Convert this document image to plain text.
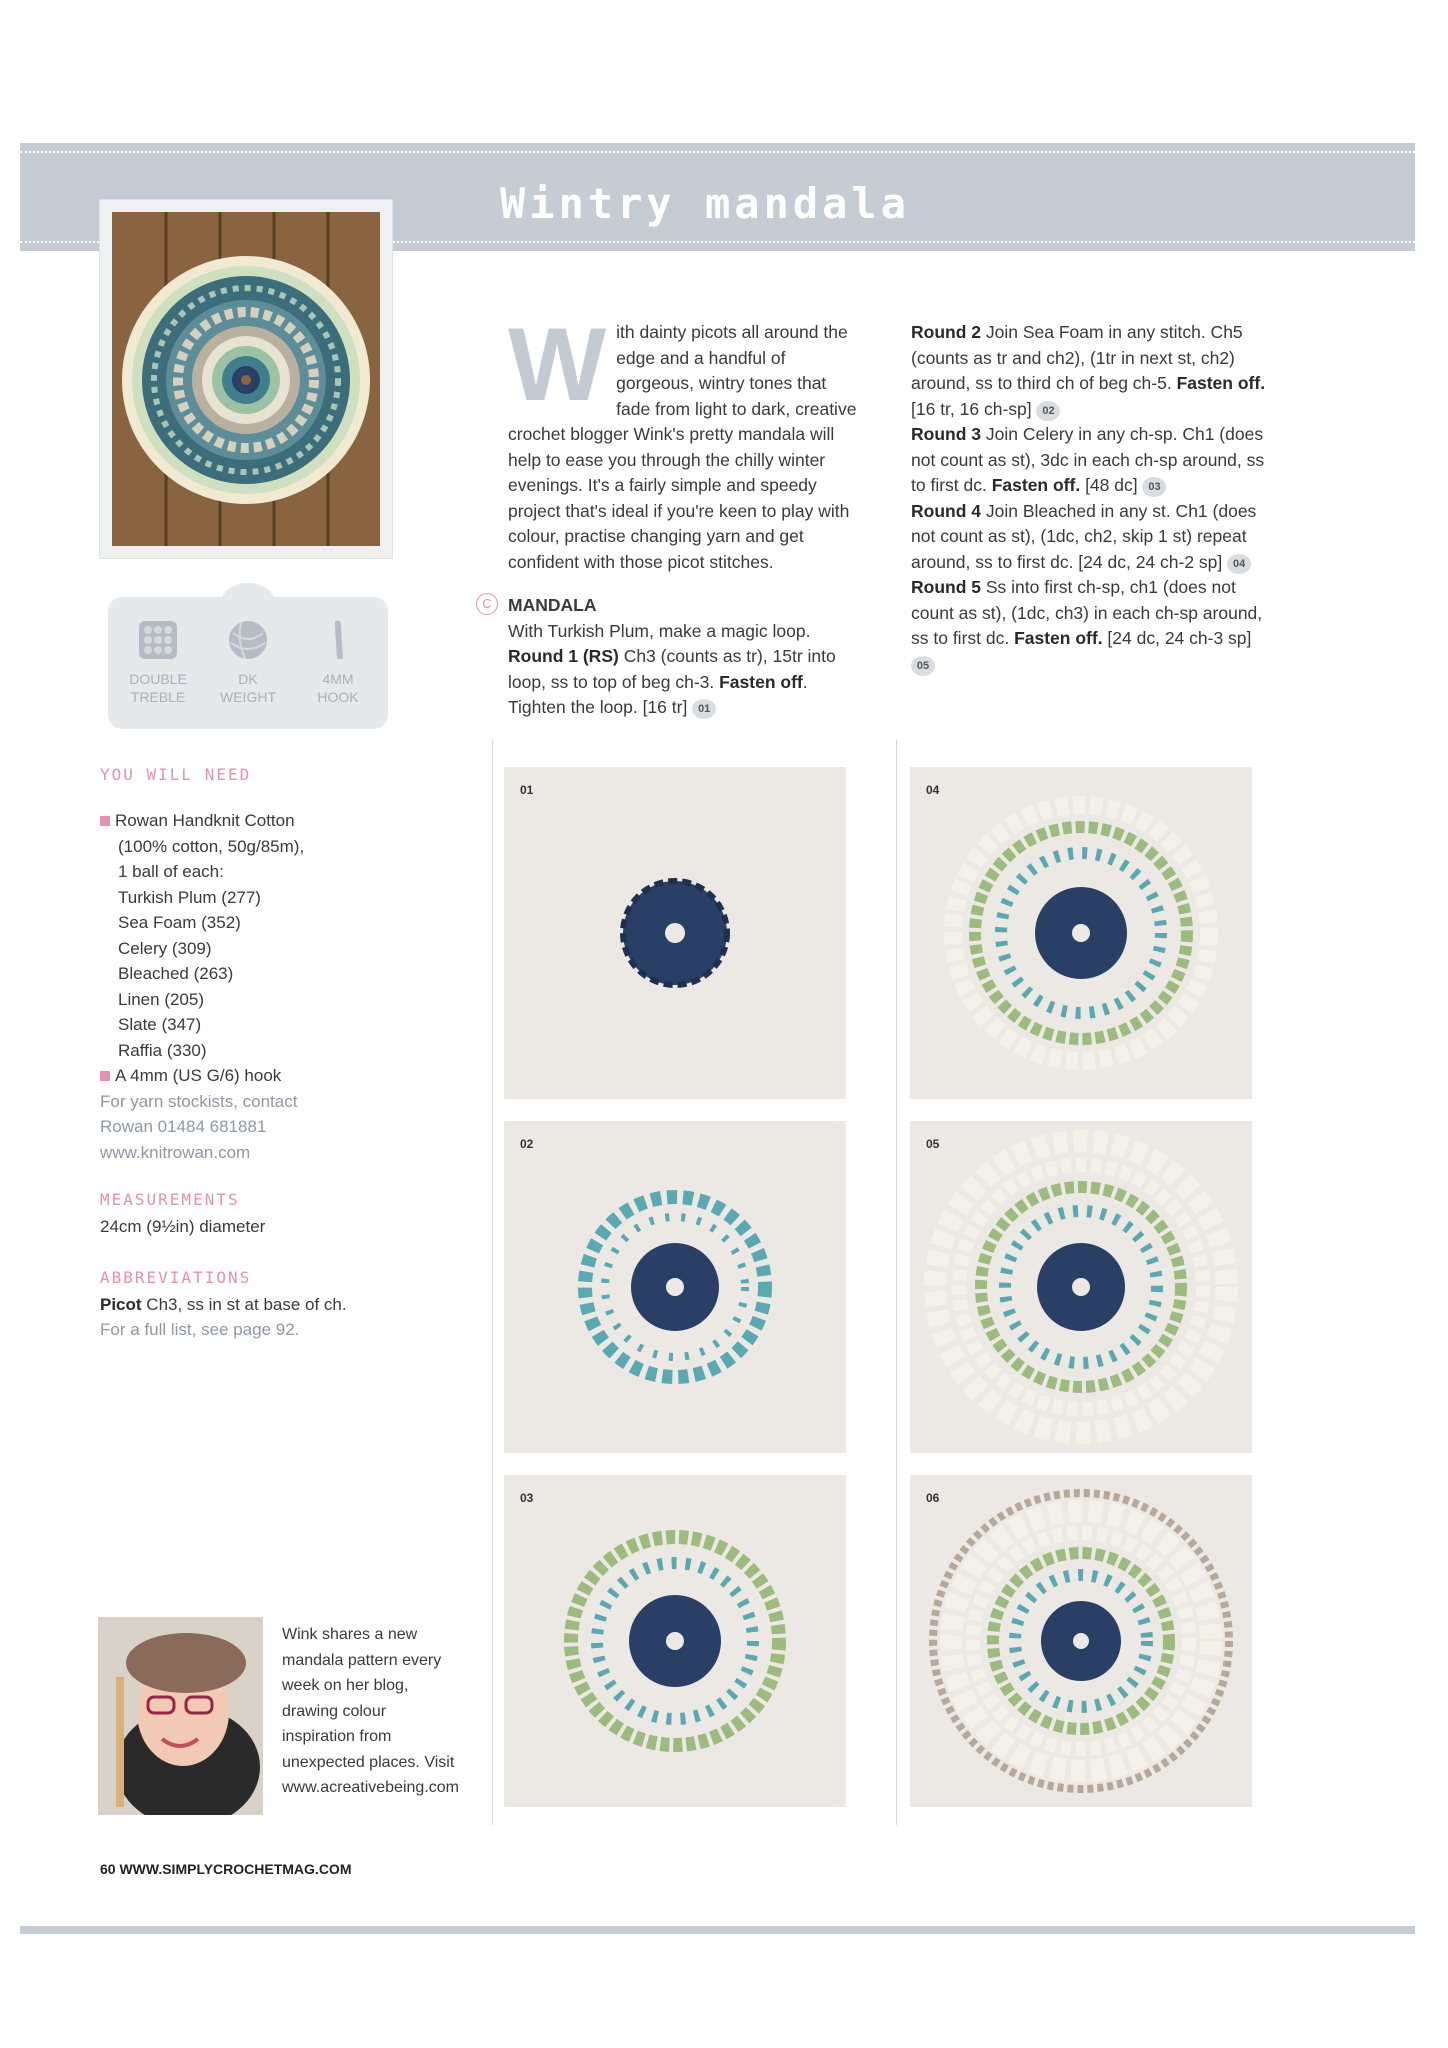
Wintry mandala
DOUBLE
TREBLE
DK
WEIGHT
4MM
HOOK
YOU WILL NEED
Rowan Handknit Cotton
(100% cotton, 50g/85m),
1 ball of each:
Turkish Plum (277)
Sea Foam (352)
Celery (309)
Bleached (263)
Linen (205)
Slate (347)
Raffia (330)
A 4mm (US G/6) hook
For yarn stockists, contact
Rowan 01484 681881
www.knitrowan.com
MEASUREMENTS
24cm (9½in) diameter
ABBREVIATIONS
Picot Ch3, ss in st at base of ch.
For a full list, see page 92.
Wink shares a new mandala pattern every week on her blog, drawing colour inspiration from unexpected places. Visit www.acreativebeing.com
60 WWW.SIMPLYCROCHETMAG.COM
With dainty picots all around the edge and a handful of gorgeous, wintry tones that fade from light to dark, creative crochet blogger Wink's pretty mandala will help to ease you through the chilly winter evenings. It's a fairly simple and speedy project that's ideal if you're keen to play with colour, practise changing yarn and get confident with those picot stitches.
C MANDALA
With Turkish Plum, make a magic loop.
Round 1 (RS) Ch3 (counts as tr), 15tr into loop, ss to top of beg ch-3. Fasten off. Tighten the loop. [16 tr] 01
Round 2 Join Sea Foam in any stitch. Ch5 (counts as tr and ch2), (1tr in next st, ch2) around, ss to third ch of beg ch-5. Fasten off. [16 tr, 16 ch-sp] 02
Round 3 Join Celery in any ch-sp. Ch1 (does not count as st), 3dc in each ch-sp around, ss to first dc. Fasten off. [48 dc] 03
Round 4 Join Bleached in any st. Ch1 (does not count as st), (1dc, ch2, skip 1 st) repeat around, ss to first dc. [24 dc, 24 ch-2 sp] 04
Round 5 Ss into first ch-sp, ch1 (does not count as st), (1dc, ch3) in each ch-sp around, ss to first dc. Fasten off. [24 dc, 24 ch-3 sp] 05
01
02
03
04
05
06
